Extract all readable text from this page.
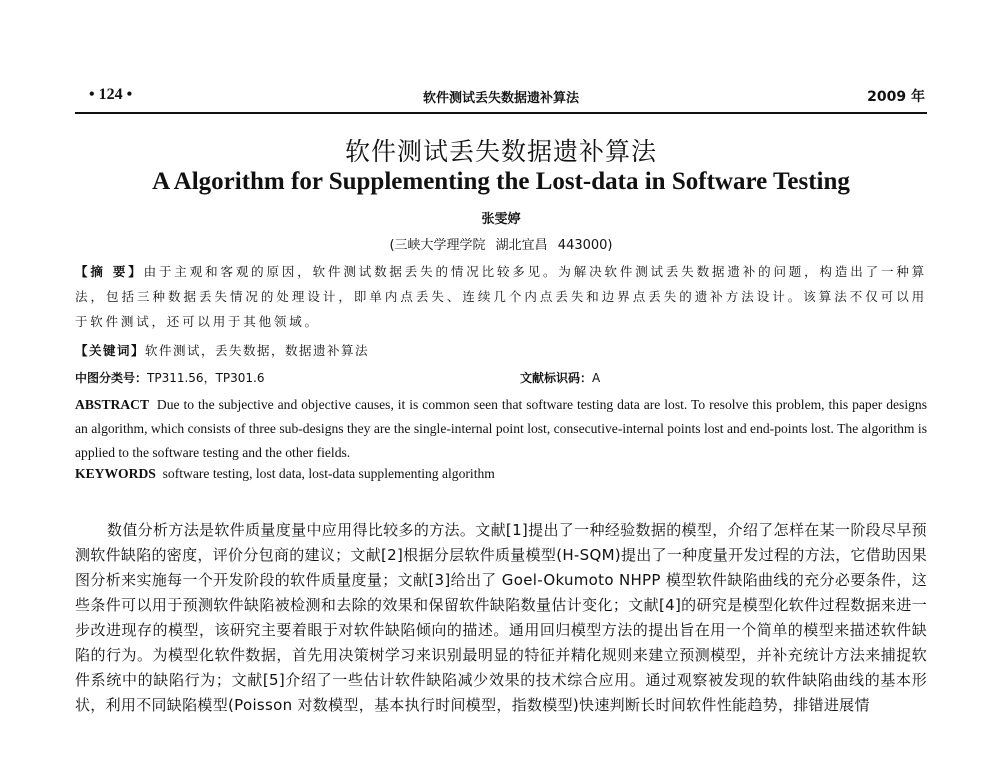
• 124 •	软件测试丢失数据遗补算法	2009 年
软件测试丢失数据遗补算法
A Algorithm for Supplementing the Lost-data in Software Testing
张雯婷
(三峡大学理学院 湖北宜昌 443000)
【摘 要】由于主观和客观的原因，软件测试数据丢失的情况比较多见。为解决软件测试丢失数据遗补的问题，构造出了一种算法，包括三种数据丢失情况的处理设计，即单内点丢失、连续几个内点丢失和边界点丢失的遗补方法设计。该算法不仅可以用于软件测试，还可以用于其他领域。
【关键词】软件测试，丢失数据，数据遗补算法
中图分类号：TP311.56，TP301.6	文献标识码：A
ABSTRACT Due to the subjective and objective causes, it is common seen that software testing data are lost. To resolve this problem, this paper designs an algorithm, which consists of three sub-designs they are the single-internal point lost, consecutive-internal points lost and end-points lost. The algorithm is applied to the software testing and the other fields.
KEYWORDS software testing, lost data, lost-data supplementing algorithm

数值分析方法是软件质量度量中应用得比较多的方法。文献[1]提出了一种经验数据的模型，介绍了怎样在某一阶段尽早预测软件缺陷的密度，评价分包商的建议；文献[2]根据分层软件质量模型(H-SQM)提出了一种度量开发过程的方法，它借助因果图分析来实施每一个开发阶段的软件质量度量；文献[3]给出了 Goel-Okumoto NHPP 模型软件缺陷曲线的充分必要条件，这些条件可以用于预测软件缺陷被检测和去除的效果和保留软件缺陷数量估计变化；文献[4]的研究是模型化软件过程数据来进一步改进现存的模型，该研究主要着眼于对软件缺陷倾向的描述。通用回归模型方法的提出旨在用一个简单的模型来描述软件缺陷的行为。为模型化软件数据，首先用决策树学习来识别最明显的特征并精化规则来建立预测模型，并补充统计方法来捕捉软件系统中的缺陷行为；文献[5]介绍了一些估计软件缺陷减少效果的技术综合应用。通过观察被发现的软件缺陷曲线的基本形状，利用不同缺陷模型(Poisson 对数模型，基本执行时间模型，指数模型)快速判断长时间软件性能趋势，排错进展情
